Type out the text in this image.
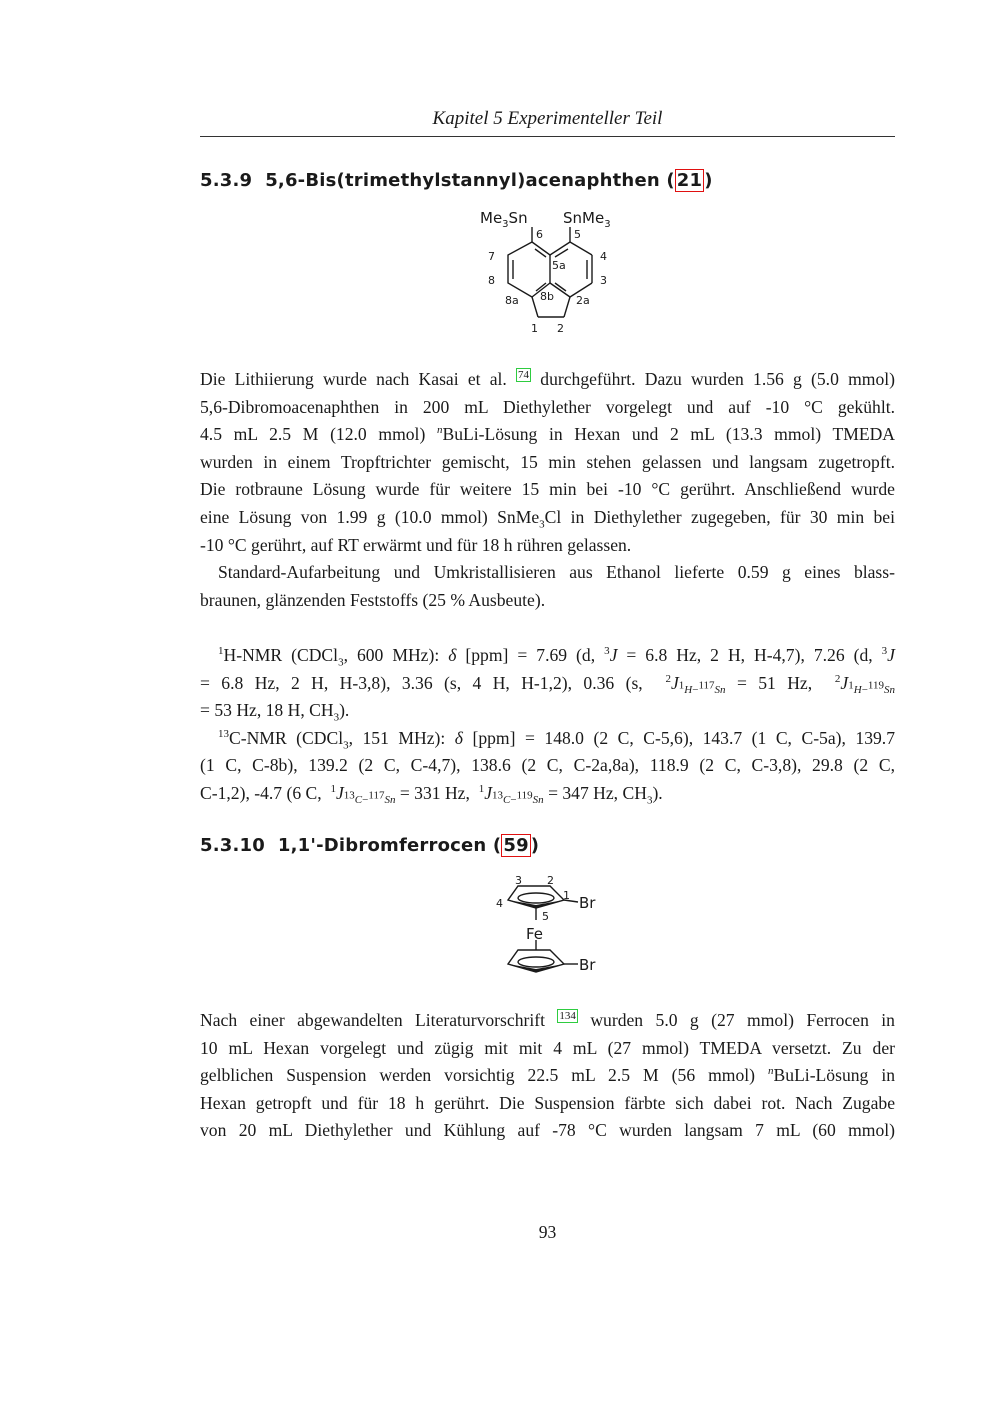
Kapitel 5 Experimenteller Teil
5.3.9 5,6-Bis(trimethylstannyl)acenaphthen ( 21 )
$Me_3Sn$ SnMe$_3$
6	5
7
8
4
3
5a
8a 8b 2a
1 2
Die Lithiierung wurde nach Kasai et al. $^{74}$ durchgeführt. Dazu wurden 1.56 g (5.0 mmol)
5,6-Dibromoacenaphthen in 200 mL Diethylether vorgelegt und auf -10 °C gekühlt.
4.5 mL 2.5 M (12.0 mmol) $^n$BuLi-Lösung in Hexan und 2 mL (13.3 mmol) TMEDA
wurden in einem Tropftrichter gemischt, 15 min stehen gelassen und langsam zugetropft.
Die rotbraune Lösung wurde für weitere 15 min bei -10 °C gerührt. Anschließend wurde
eine Lösung von 1.99 g (10.0 mmol) SnMe$_3$Cl in Diethylether zugegeben, für 30 min bei
-10 °C gerührt, auf RT erwärmt und für 18 h rühren gelassen.
Standard-Aufarbeitung und Umkristallisieren aus Ethanol lieferte 0.59 g eines blass-
braunen, glänzenden Feststoffs (25 % Ausbeute).
$^1$H-NMR (CDCl$_3$, 600 MHz): δ [ppm] = 7.69 (d, $^3$J = 6.8 Hz, 2 H, H-4,7), 7.26 (d, $^3$J
= 6.8 Hz, 2 H, H-3,8), 3.36 (s, 4 H, H-1,2), 0.36 (s, $^2J_{^1H-^{117}Sn} = 51$ Hz, $^2J_{^1H-^{119}Sn}$
= 53 Hz, 18 H, $CH_3$).
$^{13}$C-NMR (CDCl$_3$, 151 MHz): δ [ppm] = 148.0 (2 C, C-5,6), 143.7 (1 C, C-5a), 139.7
(1 C, C-8b), 139.2 (2 C, C-4,7), 138.6 (2 C, C-2a,8a), 118.9 (2 C, C-3,8), 29.8 (2 C,
C-1,2), -4.7 (6 C, $^1J_{^{13}C-^{117}Sn} = 331$ Hz, $^1J_{^{13}C-^{119}Sn} = 347$ Hz, $CH_3$).
5.3.10 1,1'-Dibromferrocen ( 59 )
3 2
4
1
5
Br
Fe
Br
Nach einer abgewandelten Literaturvorschrift $^{134}$ wurden 5.0 g (27 mmol) Ferrocen in
10 mL Hexan vorgelegt und zügig mit mit 4 mL (27 mmol) TMEDA versetzt. Zu der
gelblichen Suspension werden vorsichtig 22.5 mL 2.5 M (56 mmol) $^n$BuLi-Lösung in
Hexan getropft und für 18 h gerührt. Die Suspension färbte sich dabei rot. Nach Zugabe
von 20 mL Diethylether und Kühlung auf -78 °C wurden langsam 7 mL (60 mmol)
93
